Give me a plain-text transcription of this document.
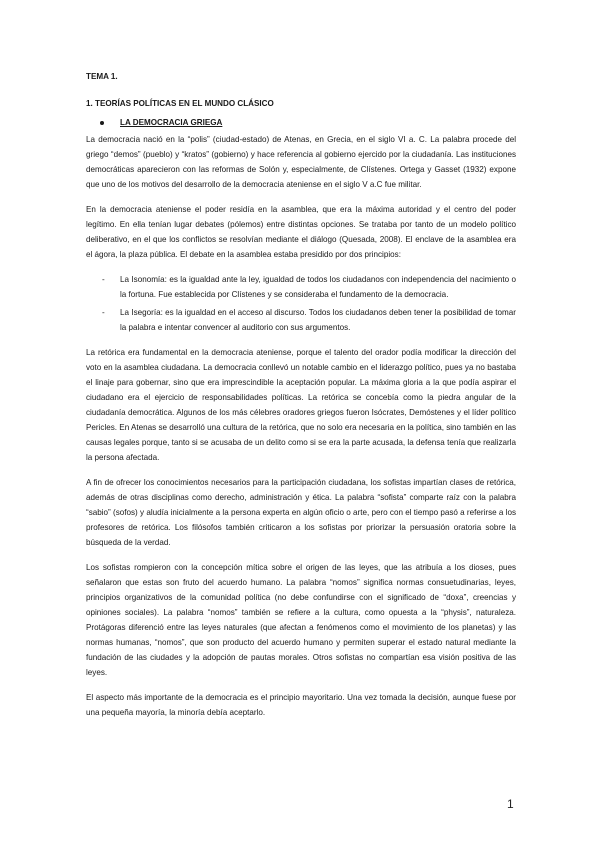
TEMA 1.

1. TEORÍAS POLÍTICAS EN EL MUNDO CLÁSICO

LA DEMOCRACIA GRIEGA

La democracia nació en la “polis” (ciudad-estado) de Atenas, en Grecia, en el siglo VI a. C. La palabra procede del griego “demos” (pueblo) y “kratos” (gobierno) y hace referencia al gobierno ejercido por la ciudadanía. Las instituciones democráticas aparecieron con las reformas de Solón y, especialmente, de Clístenes. Ortega y Gasset (1932) expone que uno de los motivos del desarrollo de la democracia ateniense en el siglo V a.C fue militar.

En la democracia ateniense el poder residía en la asamblea, que era la máxima autoridad y el centro del poder legítimo. En ella tenían lugar debates (pólemos) entre distintas opciones. Se trataba por tanto de un modelo político deliberativo, en el que los conflictos se resolvían mediante el diálogo (Quesada, 2008). El enclave de la asamblea era el ágora, la plaza pública. El debate en la asamblea estaba presidido por dos principios:

-	La Isonomía: es la igualdad ante la ley, igualdad de todos los ciudadanos con independencia del nacimiento o la fortuna. Fue establecida por Clístenes y se consideraba el fundamento de la democracia.
-	La Isegoría: es la igualdad en el acceso al discurso. Todos los ciudadanos deben tener la posibilidad de tomar la palabra e intentar convencer al auditorio con sus argumentos.

La retórica era fundamental en la democracia ateniense, porque el talento del orador podía modificar la dirección del voto en la asamblea ciudadana. La democracia conllevó un notable cambio en el liderazgo político, pues ya no bastaba el linaje para gobernar, sino que era imprescindible la aceptación popular. La máxima gloria a la que podía aspirar el ciudadano era el ejercicio de responsabilidades políticas. La retórica se concebía como la piedra angular de la ciudadanía democrática. Algunos de los más célebres oradores griegos fueron Isócrates, Demóstenes y el líder político Pericles. En Atenas se desarrolló una cultura de la retórica, que no solo era necesaria en la política, sino también en las causas legales porque, tanto si se acusaba de un delito como si se era la parte acusada, la defensa tenía que realizarla la persona afectada.

A fin de ofrecer los conocimientos necesarios para la participación ciudadana, los sofistas impartían clases de retórica, además de otras disciplinas como derecho, administración y ética. La palabra “sofista” comparte raíz con la palabra “sabio” (sofos) y aludía inicialmente a la persona experta en algún oficio o arte, pero con el tiempo pasó a referirse a los profesores de retórica. Los filósofos también criticaron a los sofistas por priorizar la persuasión oratoria sobre la búsqueda de la verdad.

Los sofistas rompieron con la concepción mítica sobre el origen de las leyes, que las atribuía a los dioses, pues señalaron que estas son fruto del acuerdo humano. La palabra “nomos” significa normas consuetudinarias, leyes, principios organizativos de la comunidad política (no debe confundirse con el significado de “doxa”, creencias y opiniones sociales). La palabra “nomos” también se refiere a la cultura, como opuesta a la “physis”, naturaleza. Protágoras diferenció entre las leyes naturales (que afectan a fenómenos como el movimiento de los planetas) y las normas humanas, “nomos”, que son producto del acuerdo humano y permiten superar el estado natural mediante la fundación de las ciudades y la adopción de pautas morales. Otros sofistas no compartían esa visión positiva de las leyes.

El aspecto más importante de la democracia es el principio mayoritario. Una vez tomada la decisión, aunque fuese por una pequeña mayoría, la minoría debía aceptarlo.

1
